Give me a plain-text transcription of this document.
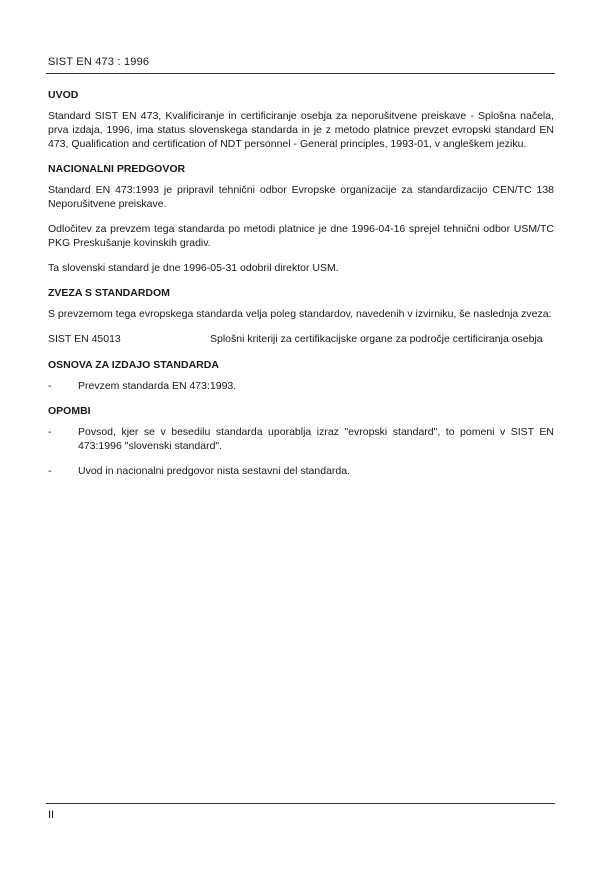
SIST EN 473 : 1996
UVOD

Standard SIST EN 473, Kvalificiranje in certificiranje osebja za neporušitvene preiskave - Splošna načela, prva izdaja, 1996, ima status slovenskega standarda in je z metodo platnice prevzet evropski standard EN 473, Qualification and certification of NDT personnel - General principles, 1993-01, v angleškem jeziku.

NACIONALNI PREDGOVOR

Standard EN 473:1993 je pripravil tehnični odbor Evropske organizacije za standardizacijo CEN/TC 138 Neporušitvene preiskave.

Odločitev za prevzem tega standarda po metodi platnice je dne 1996-04-16 sprejel tehnični odbor USM/TC PKG Preskušanje kovinskih gradiv.

Ta slovenski standard je dne 1996-05-31 odobril direktor USM.

ZVEZA S STANDARDOM

S prevzemom tega evropskega standarda velja poleg standardov, navedenih v izvirniku, še naslednja zveza:

SIST EN 45013	Splošni kriteriji za certifikacijske organe za področje certificiranja osebja
OSNOVA ZA IZDAJO STANDARDA
-	Prevzem standarda EN 473:1993.
OPOMBI
-	Povsod, kjer se v besedilu standarda uporablja izraz "evropski standard", to pomeni v SIST EN 473:1996 "slovenski standard".
-	Uvod in nacionalni predgovor nista sestavni del standarda.
II
